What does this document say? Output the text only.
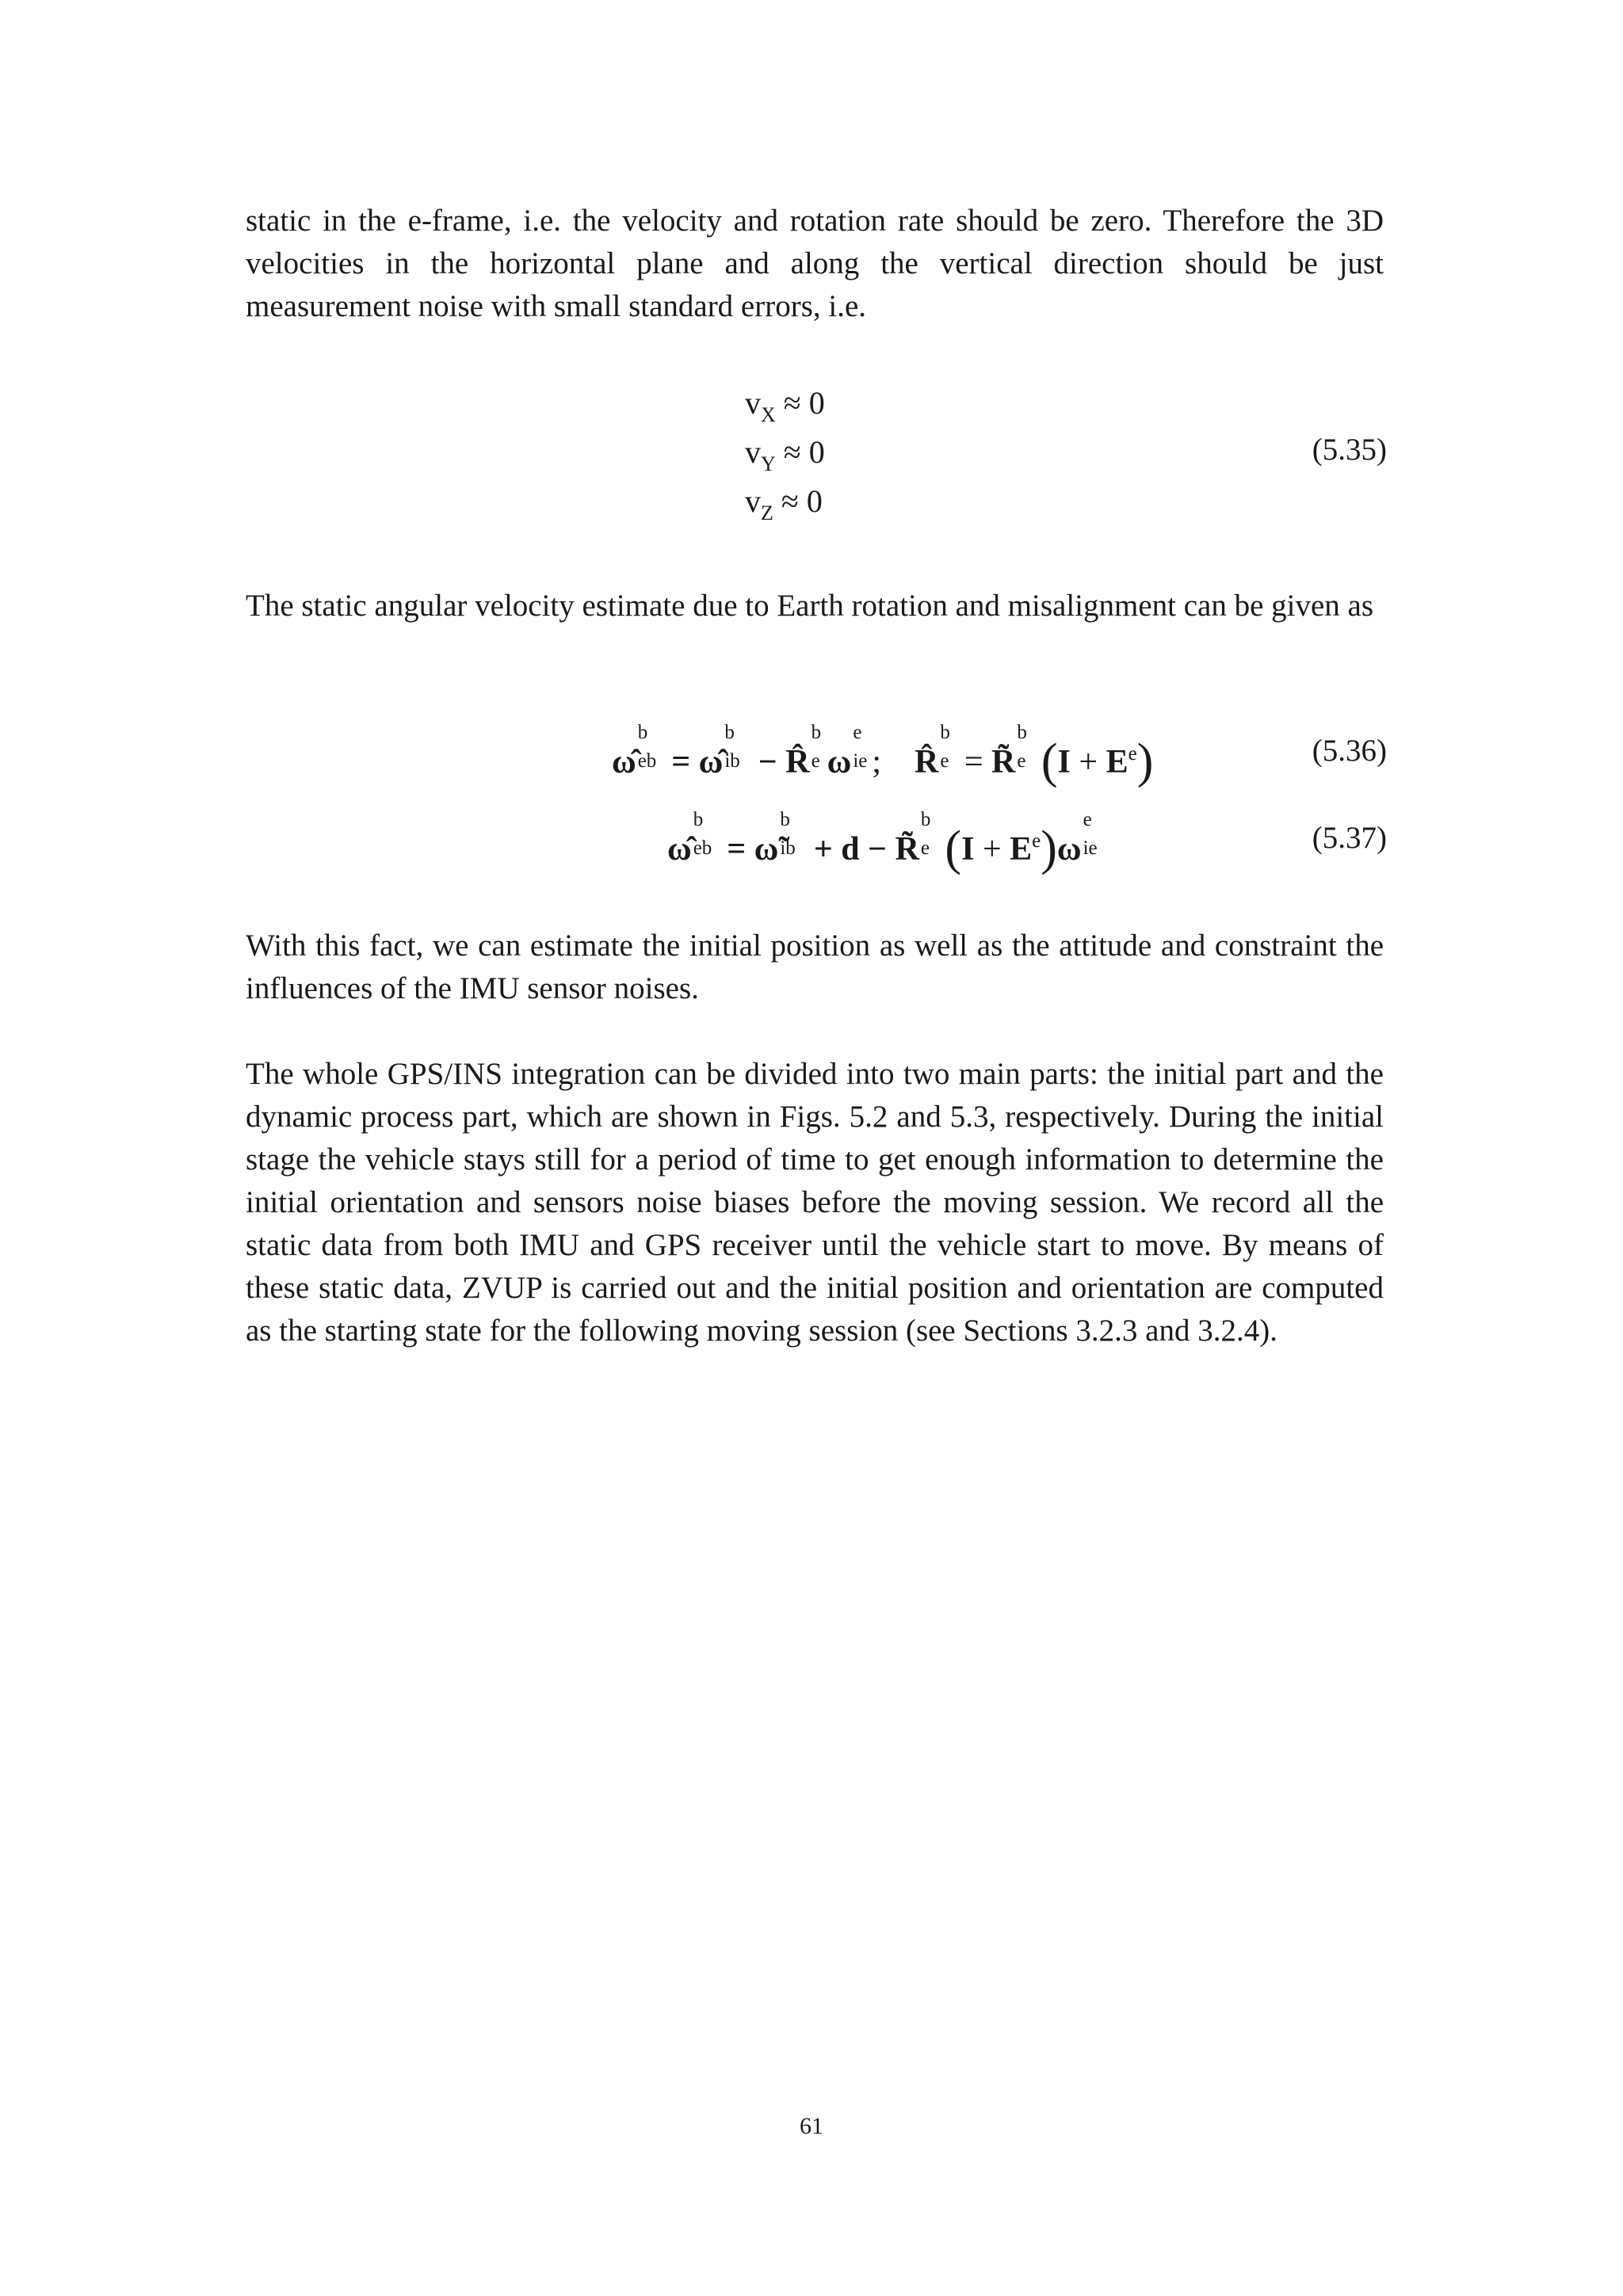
static in the e-frame, i.e. the velocity and rotation rate should be zero. Therefore the 3D velocities in the horizontal plane and along the vertical direction should be just measurement noise with small standard errors, i.e.

$v_X \approx 0$
$v_Y \approx 0$
$v_Z \approx 0$
(5.35)

The static angular velocity estimate due to Earth rotation and misalignment can be given as

ω̂
b
eb = ω̂
b
ib − R̂
b
e ω
e
ie ; R̂
b
e = R̃
b
e $(I + E^e)$	(5.36)
ω̂
b
eb = ω̃
b
ib + d − R̃
b
e $(I + E^e)\omega$
e
ie	(5.37)

With this fact, we can estimate the initial position as well as the attitude and constraint the influences of the IMU sensor noises.

The whole GPS/INS integration can be divided into two main parts: the initial part and the dynamic process part, which are shown in Figs. 5.2 and 5.3, respectively. During the initial stage the vehicle stays still for a period of time to get enough information to determine the initial orientation and sensors noise biases before the moving session. We record all the static data from both IMU and GPS receiver until the vehicle start to move. By means of these static data, ZVUP is carried out and the initial position and orientation are computed as the starting state for the following moving session (see Sections 3.2.3 and 3.2.4).

61
